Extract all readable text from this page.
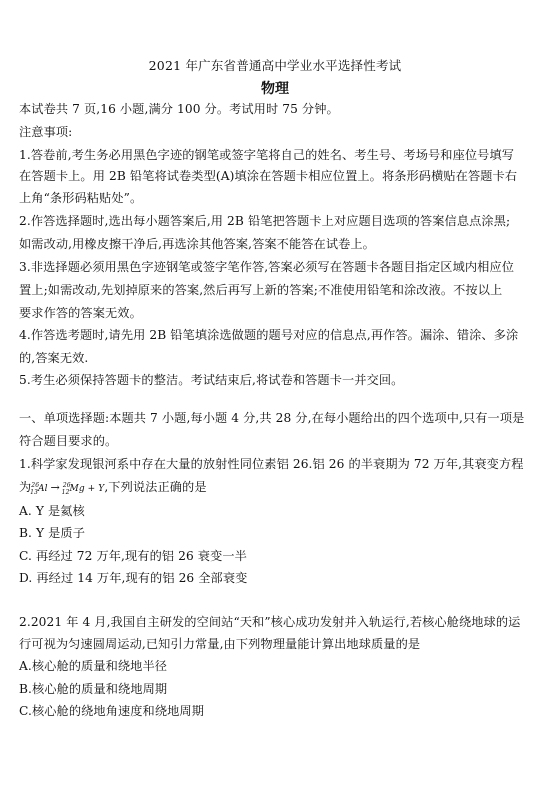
2021 年广东省普通高中学业水平选择性考试
物理
本试卷共 7 页,16 小题,满分 100 分。考试用时 75 分钟。
注意事项:
1.答卷前,考生务必用黑色字迹的钢笔或签字笔将自己的姓名、考生号、考场号和座位号填写
在答题卡上。用 2B 铅笔将试卷类型(A)填涂在答题卡相应位置上。将条形码横贴在答题卡右
上角“条形码粘贴处”。
2.作答选择题时,选出每小题答案后,用 2B 铅笔把答题卡上对应题目选项的答案信息点涂黑;
如需改动,用橡皮擦干净后,再选涂其他答案,答案不能答在试卷上。
3.非选择题必须用黑色字迹钢笔或签字笔作答,答案必须写在答题卡各题目指定区域内相应位
置上;如需改动,先划掉原来的答案,然后再写上新的答案;不准使用铅笔和涂改液。不按以上
要求作答的答案无效。
4.作答选考题时,请先用 2B 铅笔填涂选做题的题号对应的信息点,再作答。漏涂、错涂、多涂
的,答案无效.
5.考生必须保持答题卡的整洁。考试结束后,将试卷和答题卡一并交回。
一、单项选择题:本题共 7 小题,每小题 4 分,共 28 分,在每小题给出的四个选项中,只有一项是
符合题目要求的。
1.科学家发现银河系中存在大量的放射性同位素铝 26.铝 26 的半衰期为 72 万年,其衰变方程
为$^{26}_{13}$Al → $^{26}_{12}$Mg + Y,下列说法正确的是
A. Y 是氦核
B. Y 是质子
C. 再经过 72 万年,现有的铝 26 衰变一半
D. 再经过 14 万年,现有的铝 26 全部衰变
2.2021 年 4 月,我国自主研发的空间站“天和”核心成功发射并入轨运行,若核心舱绕地球的运
行可视为匀速圆周运动,已知引力常量,由下列物理量能计算出地球质量的是
A.核心舱的质量和绕地半径
B.核心舱的质量和绕地周期
C.核心舱的绕地角速度和绕地周期
